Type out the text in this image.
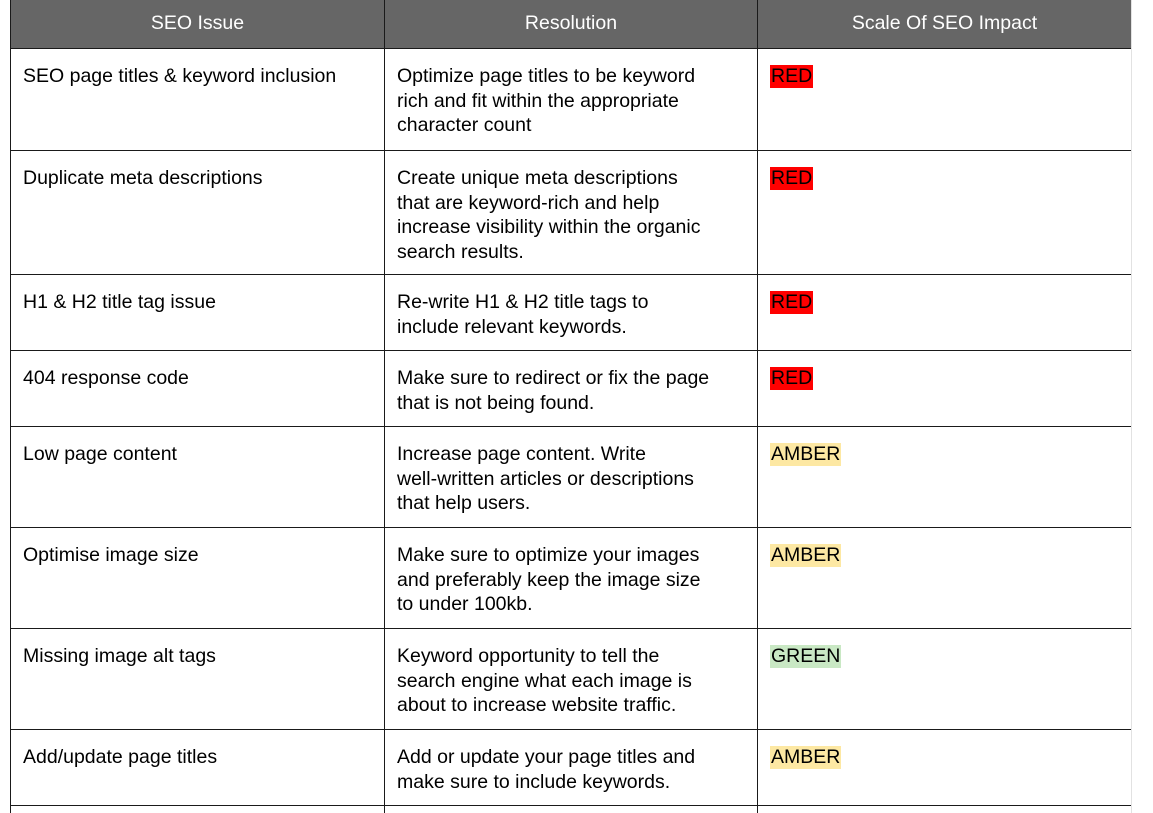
SEO Issue	Resolution	Scale Of SEO Impact
SEO page titles & keyword inclusion	Optimize page titles to be keyword
rich and fit within the appropriate
character count	RED
Duplicate meta descriptions	Create unique meta descriptions
that are keyword-rich and help
increase visibility within the organic
search results.	RED
H1 & H2 title tag issue	Re-write H1 & H2 title tags to
include relevant keywords.	RED
404 response code	Make sure to redirect or fix the page
that is not being found.	RED
Low page content	Increase page content. Write
well-written articles or descriptions
that help users.	AMBER
Optimise image size	Make sure to optimize your images
and preferably keep the image size
to under 100kb.	AMBER
Missing image alt tags	Keyword opportunity to tell the
search engine what each image is
about to increase website traffic.	GREEN
Add/update page titles	Add or update your page titles and
make sure to include keywords.	AMBER
